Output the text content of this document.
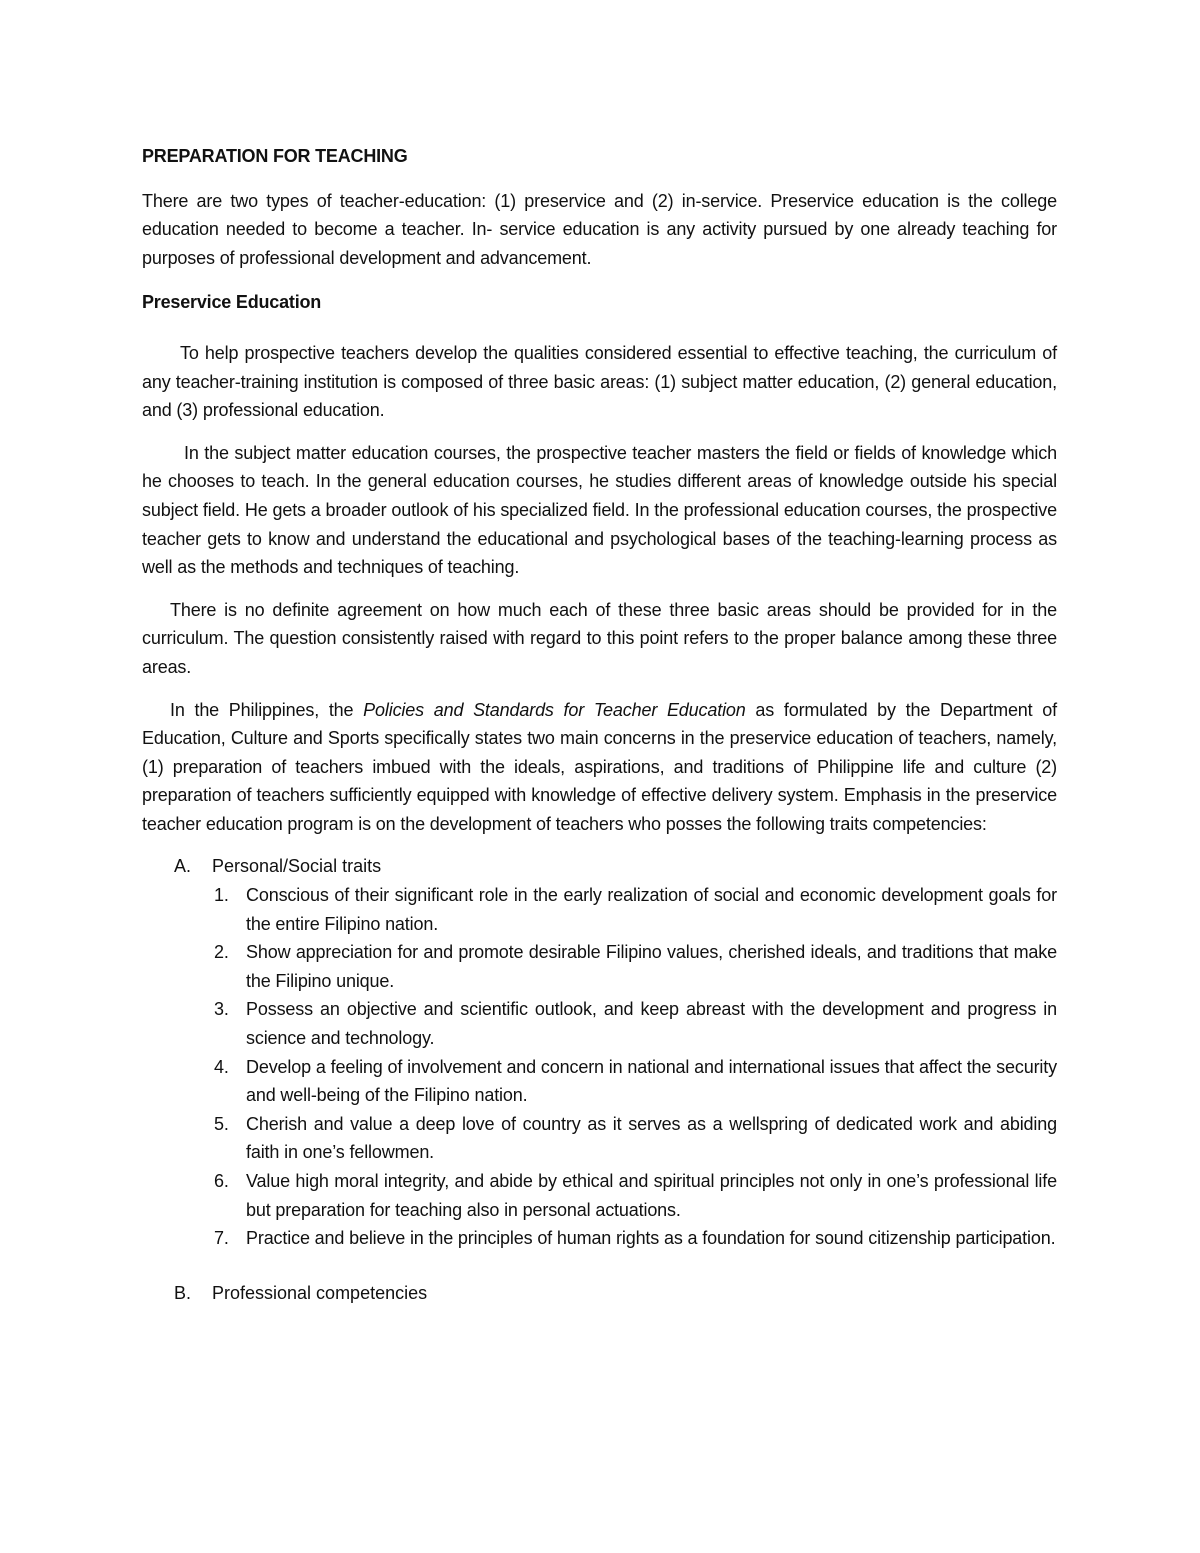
PREPARATION FOR TEACHING

There are two types of teacher-education: (1) preservice and (2) in-service. Preservice education is the college education needed to become a teacher. In- service education is any activity pursued by one already teaching for purposes of professional development and advancement.

Preservice Education

To help prospective teachers develop the qualities considered essential to effective teaching, the curriculum of any teacher-training institution is composed of three basic areas: (1) subject matter education, (2) general education, and (3) professional education.

In the subject matter education courses, the prospective teacher masters the field or fields of knowledge which he chooses to teach. In the general education courses, he studies different areas of knowledge outside his special subject field. He gets a broader outlook of his specialized field. In the professional education courses, the prospective teacher gets to know and understand the educational and psychological bases of the teaching-learning process as well as the methods and techniques of teaching.

There is no definite agreement on how much each of these three basic areas should be provided for in the curriculum. The question consistently raised with regard to this point refers to the proper balance among these three areas.

In the Philippines, the Policies and Standards for Teacher Education as formulated by the Department of Education, Culture and Sports specifically states two main concerns in the preservice education of teachers, namely, (1) preparation of teachers imbued with the ideals, aspirations, and traditions of Philippine life and culture (2) preparation of teachers sufficiently equipped with knowledge of effective delivery system. Emphasis in the preservice teacher education program is on the development of teachers who posses the following traits competencies:

A. Personal/Social traits
1. Conscious of their significant role in the early realization of social and economic development goals for the entire Filipino nation.
2. Show appreciation for and promote desirable Filipino values, cherished ideals, and traditions that make the Filipino unique.
3. Possess an objective and scientific outlook, and keep abreast with the development and progress in science and technology.
4. Develop a feeling of involvement and concern in national and international issues that affect the security and well-being of the Filipino nation.
5. Cherish and value a deep love of country as it serves as a wellspring of dedicated work and abiding faith in one’s fellowmen.
6. Value high moral integrity, and abide by ethical and spiritual principles not only in one’s professional life but preparation for teaching also in personal actuations.
7. Practice and believe in the principles of human rights as a foundation for sound citizenship participation.
B. Professional competencies
